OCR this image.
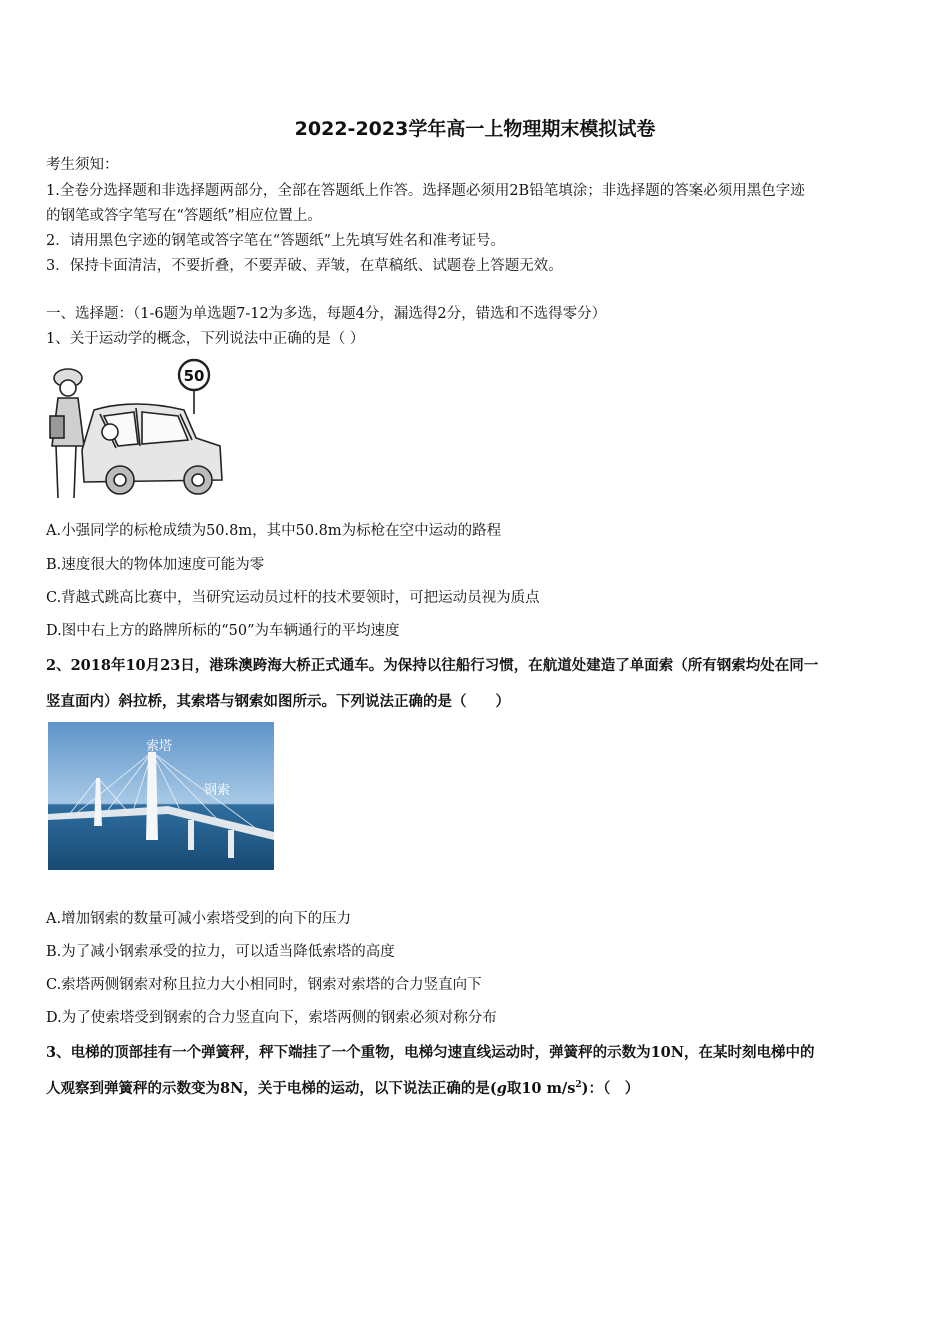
2022-2023学年高一上物理期末模拟试卷
考生须知：
1.全卷分选择题和非选择题两部分，全部在答题纸上作答。选择题必须用2B铅笔填涂；非选择题的答案必须用黑色字迹
的钢笔或答字笔写在“答题纸”相应位置上。
2．请用黑色字迹的钢笔或答字笔在“答题纸”上先填写姓名和准考证号。
3．保持卡面清洁，不要折叠，不要弄破、弄皱，在草稿纸、试题卷上答题无效。
一、选择题：（1-6题为单选题7-12为多选，每题4分，漏选得2分，错选和不选得零分）
1、关于运动学的概念，下列说法中正确的是（ ）
50
A.小强同学的标枪成绩为50.8m，其中50.8m为标枪在空中运动的路程
B.速度很大的物体加速度可能为零
C.背越式跳高比赛中，当研究运动员过杆的技术要领时，可把运动员视为质点
D.图中右上方的路牌所标的“50”为车辆通行的平均速度
2、2018年10月23日，港珠澳跨海大桥正式通车。为保持以往船行习惯，在航道处建造了单面索（所有钢索均处在同一
竖直面内）斜拉桥，其索塔与钢索如图所示。下列说法正确的是（　　）
索塔
钢索
A.增加钢索的数量可减小索塔受到的向下的压力
B.为了减小钢索承受的拉力，可以适当降低索塔的高度
C.索塔两侧钢索对称且拉力大小相同时，钢索对索塔的合力竖直向下
D.为了使索塔受到钢索的合力竖直向下，索塔两侧的钢索必须对称分布
3、电梯的顶部挂有一个弹簧秤，秤下端挂了一个重物，电梯匀速直线运动时，弹簧秤的示数为10N，在某时刻电梯中的
人观察到弹簧秤的示数变为8N，关于电梯的运动，以下说法正确的是(g取10 $m/s^2$)：（　）
